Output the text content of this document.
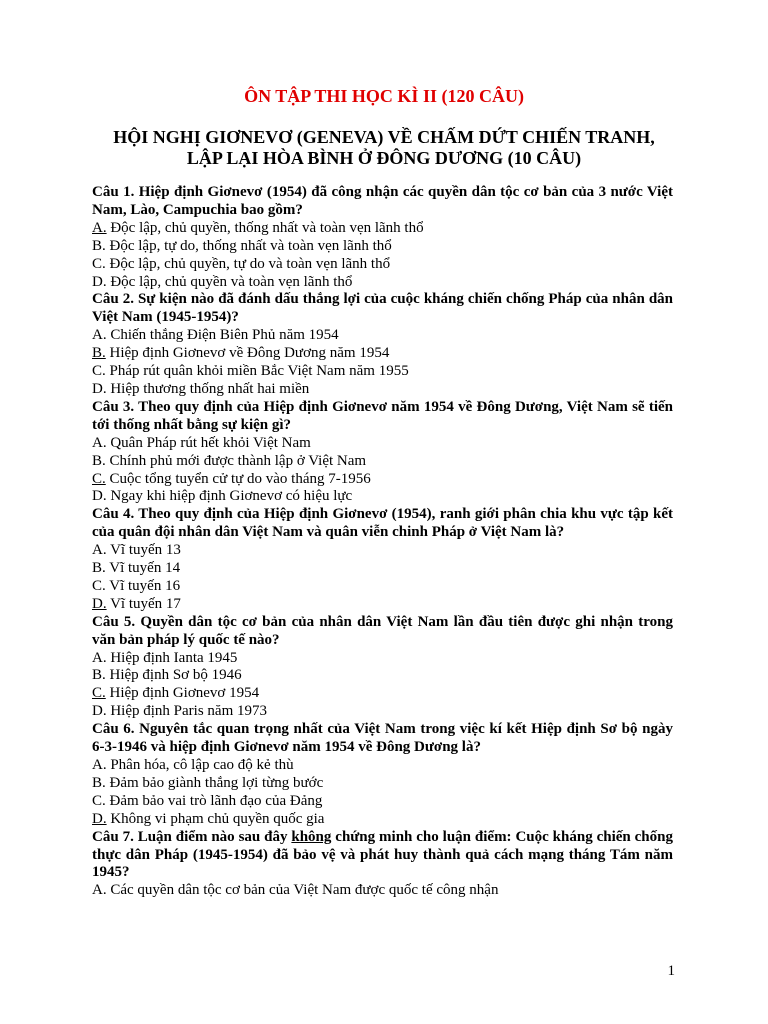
ÔN TẬP THI HỌC KÌ II (120 CÂU)
HỘI NGHỊ GIƠNEVƠ (GENEVA) VỀ CHẤM DỨT CHIẾN TRANH,
LẬP LẠI HÒA BÌNH Ở ĐÔNG DƯƠNG (10 CÂU)

Câu 1. Hiệp định Giơnevơ (1954) đã công nhận các quyền dân tộc cơ bản của 3 nước Việt Nam, Lào, Campuchia bao gồm?

A. Độc lập, chủ quyền, thống nhất và toàn vẹn lãnh thổ

B. Độc lập, tự do, thống nhất và toàn vẹn lãnh thổ

C. Độc lập, chủ quyền, tự do và toàn vẹn lãnh thổ

D. Độc lập, chủ quyền và toàn vẹn lãnh thổ

Câu 2. Sự kiện nào đã đánh dấu thắng lợi của cuộc kháng chiến chống Pháp của nhân dân Việt Nam (1945-1954)?

A. Chiến thắng Điện Biên Phủ năm 1954

B. Hiệp định Giơnevơ về Đông Dương năm 1954

C. Pháp rút quân khỏi miền Bắc Việt Nam năm 1955

D. Hiệp thương thống nhất hai miền

Câu 3. Theo quy định của Hiệp định Giơnevơ năm 1954 về Đông Dương, Việt Nam sẽ tiến tới thống nhất bằng sự kiện gì?

A. Quân Pháp rút hết khỏi Việt Nam

B. Chính phủ mới được thành lập ở Việt Nam

C. Cuộc tổng tuyển cử tự do vào tháng 7-1956

D. Ngay khi hiệp định Giơnevơ có hiệu lực

Câu 4. Theo quy định của Hiệp định Giơnevơ (1954), ranh giới phân chia khu vực tập kết của quân đội nhân dân Việt Nam và quân viễn chinh Pháp ở Việt Nam là?

A. Vĩ tuyến 13

B. Vĩ tuyến 14

C. Vĩ tuyến 16

D. Vĩ tuyến 17

Câu 5. Quyền dân tộc cơ bản của nhân dân Việt Nam lần đầu tiên được ghi nhận trong văn bản pháp lý quốc tế nào?

A. Hiệp định Ianta 1945

B. Hiệp định Sơ bộ 1946

C. Hiệp định Giơnevơ 1954

D. Hiệp định Paris năm 1973

Câu 6. Nguyên tắc quan trọng nhất của Việt Nam trong việc kí kết Hiệp định Sơ bộ ngày 6-3-1946 và hiệp định Giơnevơ năm 1954 về Đông Dương là?

A. Phân hóa, cô lập cao độ kẻ thù

B. Đảm bảo giành thắng lợi từng bước

C. Đảm bảo vai trò lãnh đạo của Đảng

D. Không vi phạm chủ quyền quốc gia

Câu 7. Luận điểm nào sau đây không chứng minh cho luận điểm: Cuộc kháng chiến chống thực dân Pháp (1945-1954) đã bảo vệ và phát huy thành quả cách mạng tháng Tám năm 1945?

A. Các quyền dân tộc cơ bản của Việt Nam được quốc tế công nhận

1
